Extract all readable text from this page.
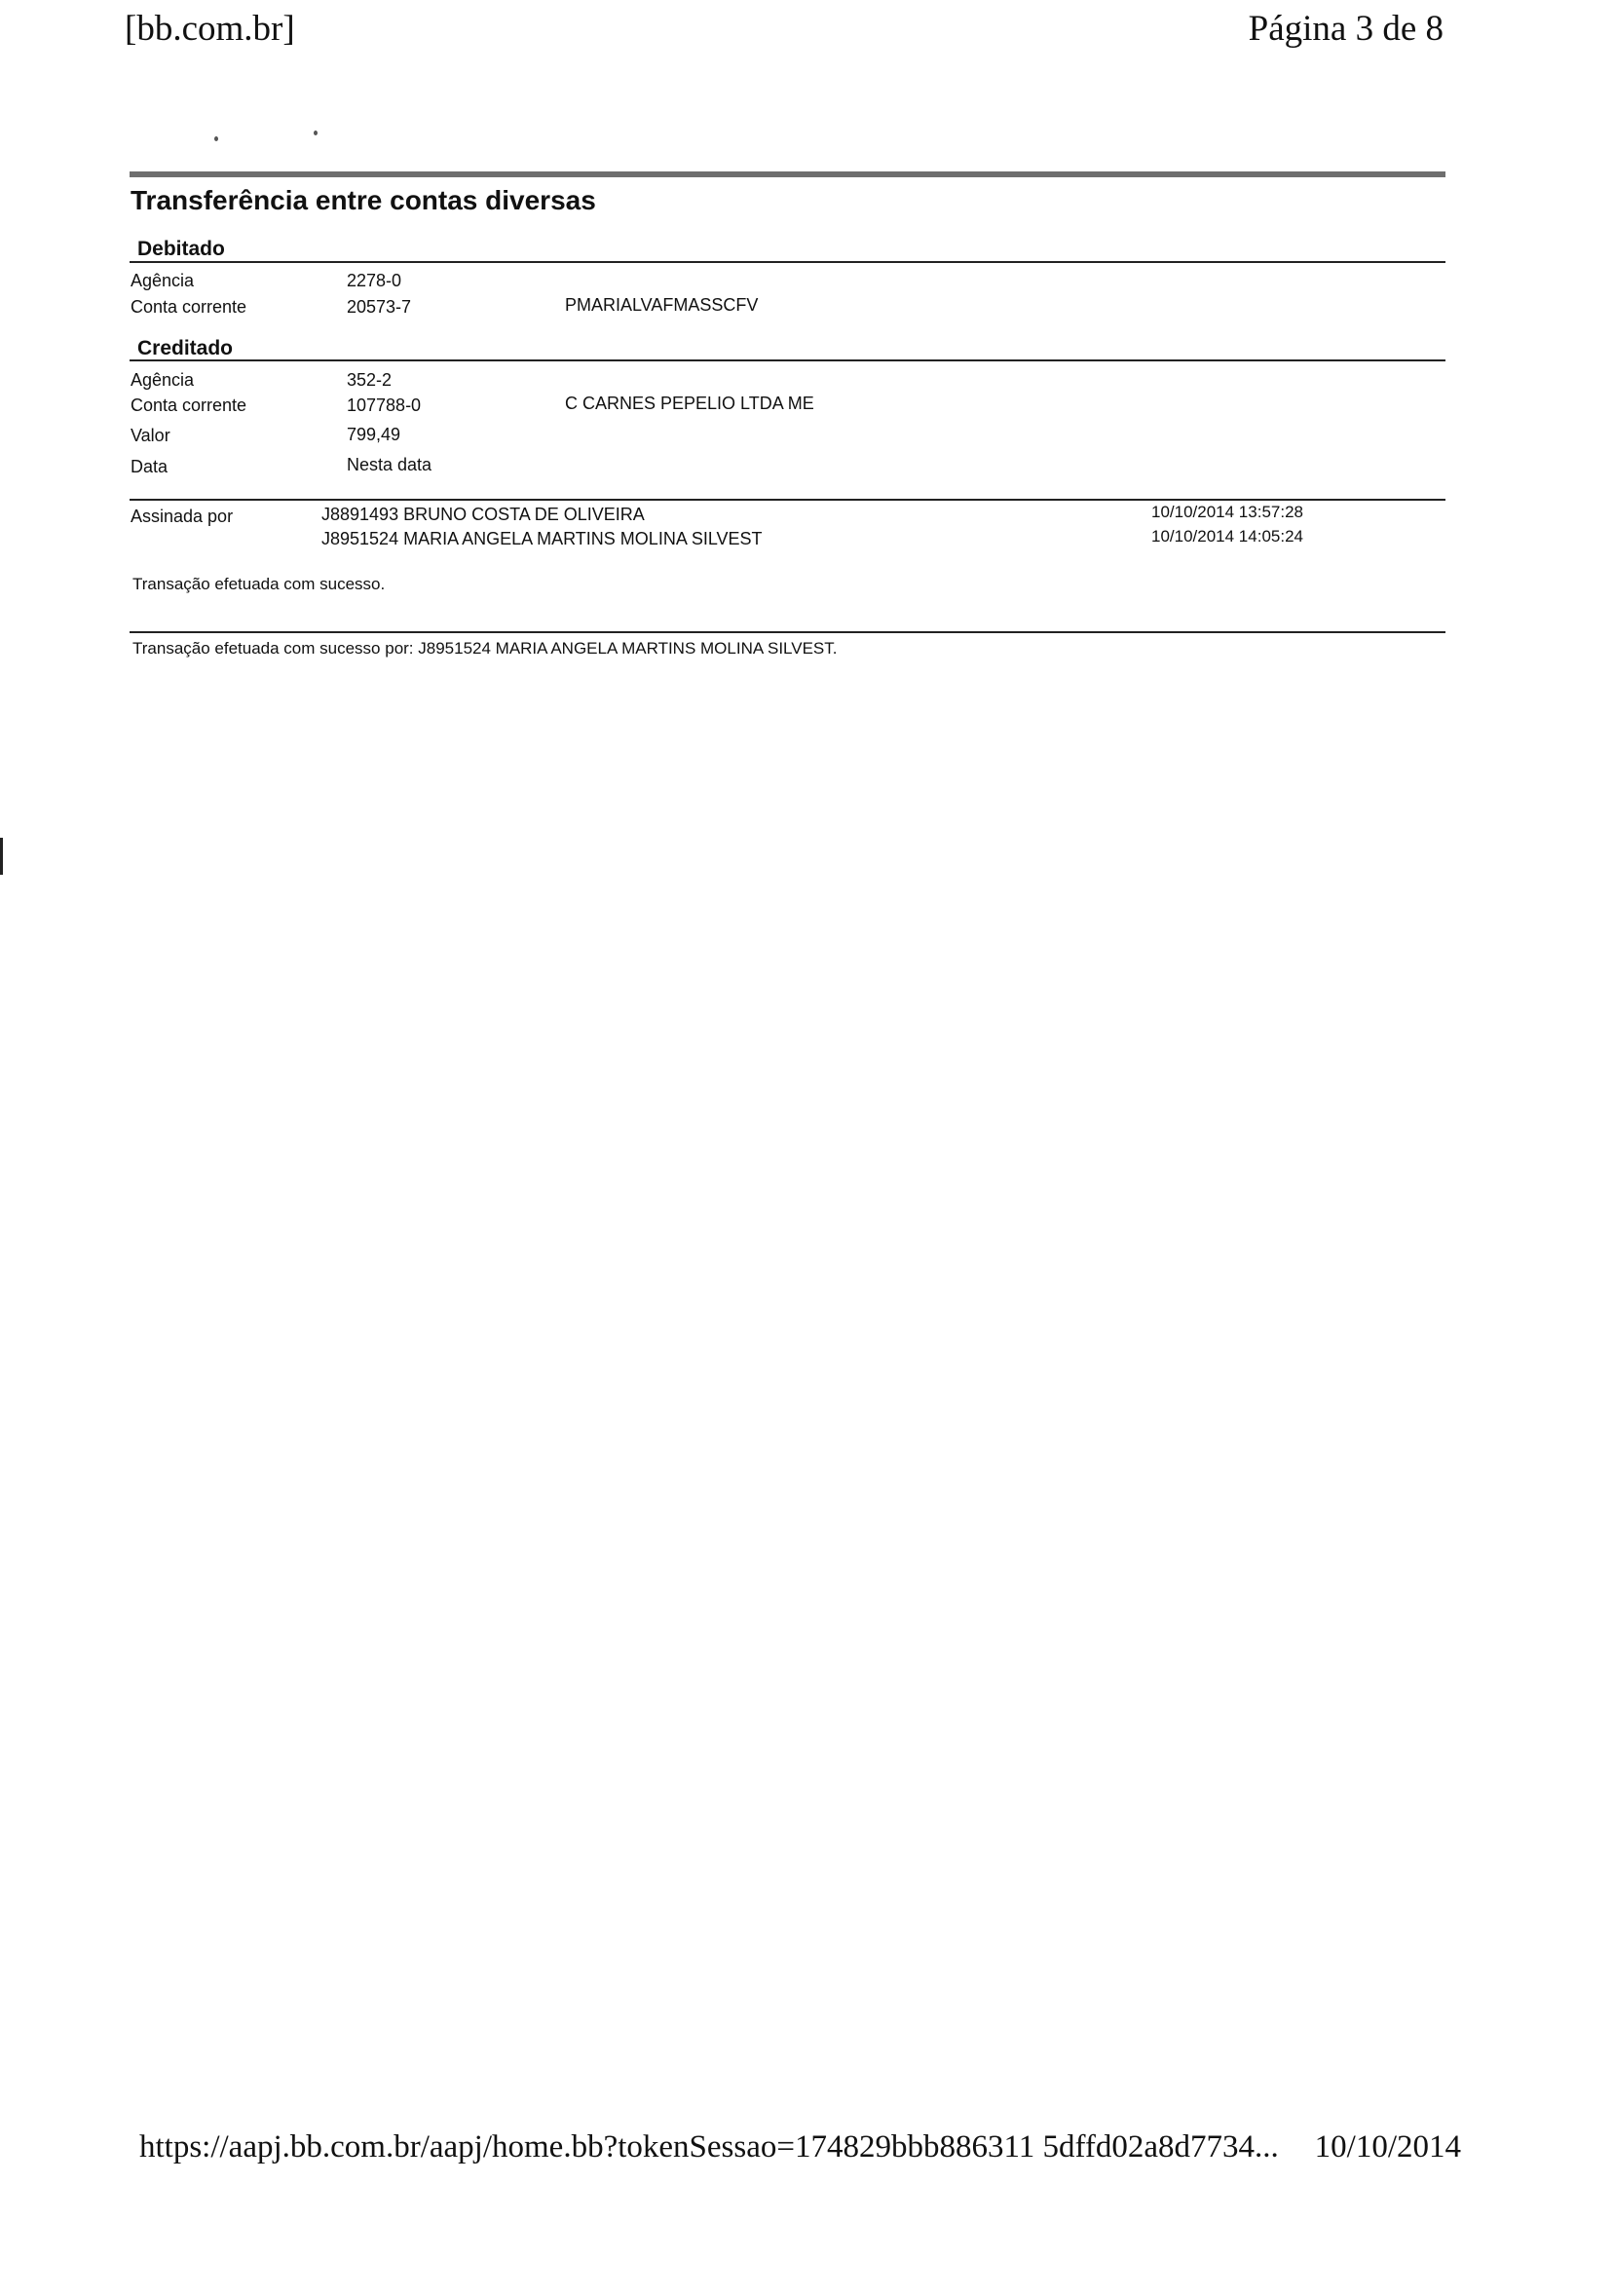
[bb.com.br]	Página 3 de 8
Transferência entre contas diversas
Debitado
Agência	2278-0
Conta corrente	20573-7	PMARIALVAFMASSCFV
Creditado
Agência	352-2
Conta corrente	107788-0	C CARNES PEPELIO LTDA ME
Valor	799,49
Data	Nesta data
Assinada por	J8891493 BRUNO COSTA DE OLIVEIRA	10/10/2014 13:57:28
J8951524 MARIA ANGELA MARTINS MOLINA SILVEST	10/10/2014 14:05:24
Transação efetuada com sucesso.
Transação efetuada com sucesso por: J8951524 MARIA ANGELA MARTINS MOLINA SILVEST.
https://aapj.bb.com.br/aapj/home.bb?tokenSessao=174829bbb886311 5dffd02a8d7734... 10/10/2014
